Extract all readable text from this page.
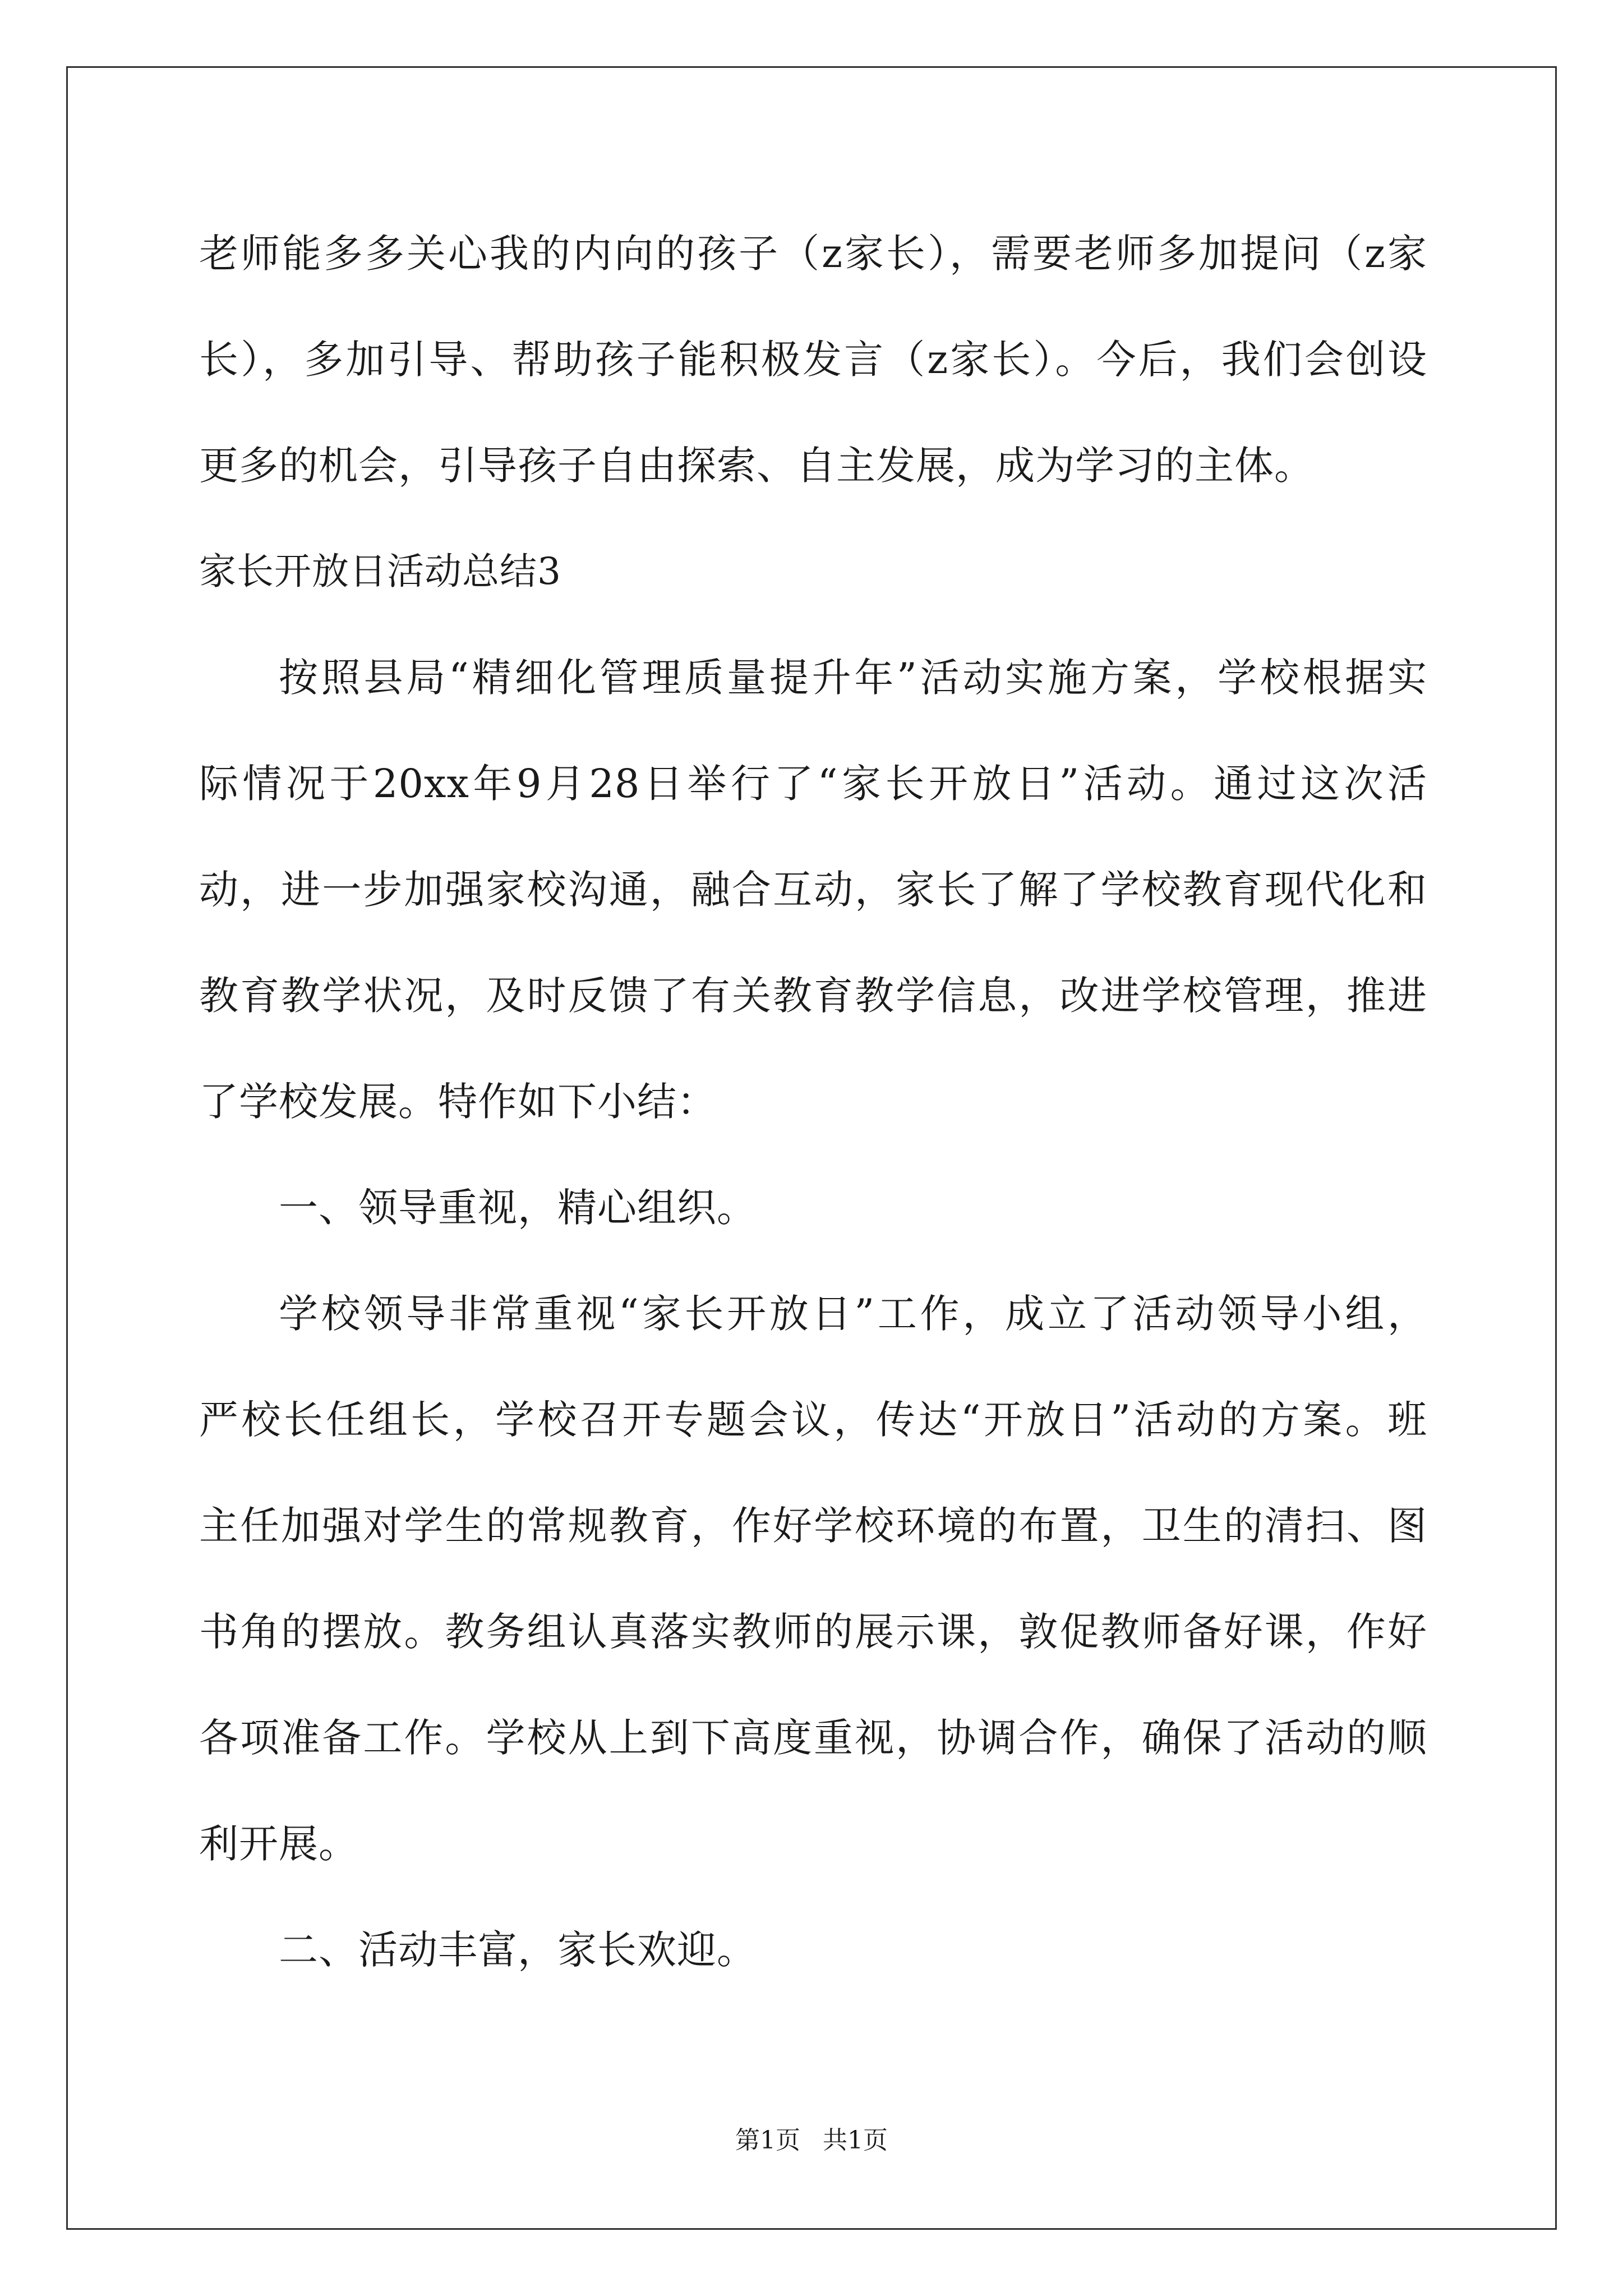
老师能多多关心我的内向的孩子（z家长），需要老师多加提问（z家
长），多加引导、帮助孩子能积极发言（z家长）。今后，我们会创设
更多的机会，引导孩子自由探索、自主发展，成为学习的主体。
家长开放日活动总结3
按照县局“精细化管理质量提升年”活动实施方案，学校根据实
际情况于20xx年9月28日举行了“家长开放日”活动。通过这次活
动，进一步加强家校沟通，融合互动，家长了解了学校教育现代化和
教育教学状况，及时反馈了有关教育教学信息，改进学校管理，推进
了学校发展。特作如下小结：
一、领导重视，精心组织。
学校领导非常重视“家长开放日”工作，成立了活动领导小组，
严校长任组长，学校召开专题会议，传达“开放日”活动的方案。班
主任加强对学生的常规教育，作好学校环境的布置，卫生的清扫、图
书角的摆放。教务组认真落实教师的展示课，敦促教师备好课，作好
各项准备工作。学校从上到下高度重视，协调合作，确保了活动的顺
利开展。
二、活动丰富，家长欢迎。
第1页 共1页
